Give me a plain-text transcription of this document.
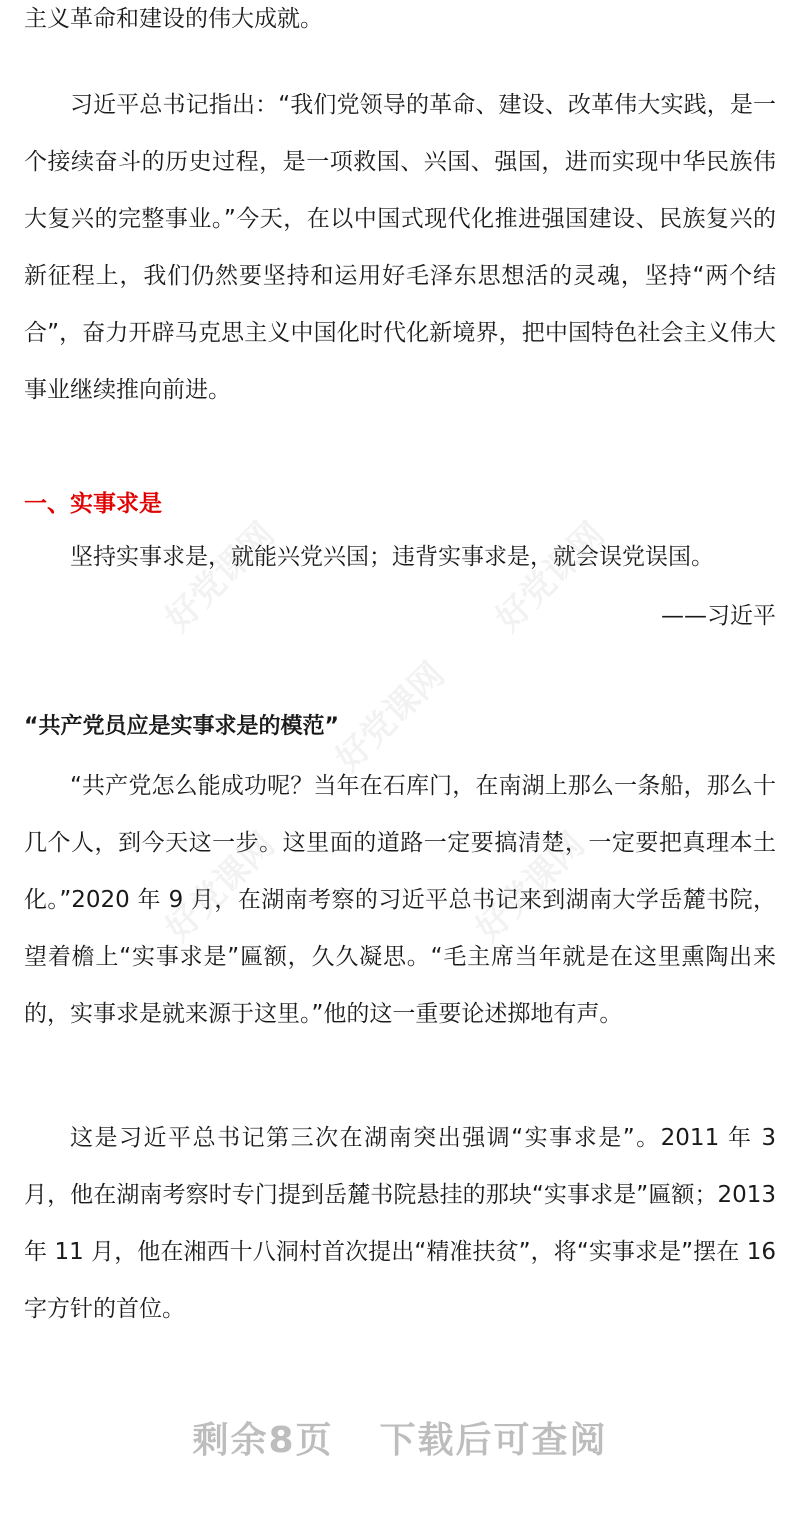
主义革命和建设的伟大成就。

习近平总书记指出：“我们党领导的革命、建设、改革伟大实践，是一个接续奋斗的历史过程，是一项救国、兴国、强国，进而实现中华民族伟大复兴的完整事业。”今天，在以中国式现代化推进强国建设、民族复兴的新征程上，我们仍然要坚持和运用好毛泽东思想活的灵魂，坚持“两个结合”，奋力开辟马克思主义中国化时代化新境界，把中国特色社会主义伟大事业继续推向前进。

一、实事求是

坚持实事求是，就能兴党兴国；违背实事求是，就会误党误国。

——习近平

“共产党员应是实事求是的模范”

“共产党怎么能成功呢？当年在石库门，在南湖上那么一条船，那么十几个人，到今天这一步。这里面的道路一定要搞清楚，一定要把真理本土化。”2020 年 9 月，在湖南考察的习近平总书记来到湖南大学岳麓书院，望着檐上“实事求是”匾额，久久凝思。“毛主席当年就是在这里熏陶出来的，实事求是就来源于这里。”他的这一重要论述掷地有声。

这是习近平总书记第三次在湖南突出强调“实事求是”。2011 年 3 月，他在湖南考察时专门提到岳麓书院悬挂的那块“实事求是”匾额；2013 年 11 月，他在湘西十八洞村首次提出“精准扶贫”，将“实事求是”摆在 16 字方针的首位。

好党课网	好党课网
好党课网
好党课网	好党课网
剩余8页 下载后可查阅
